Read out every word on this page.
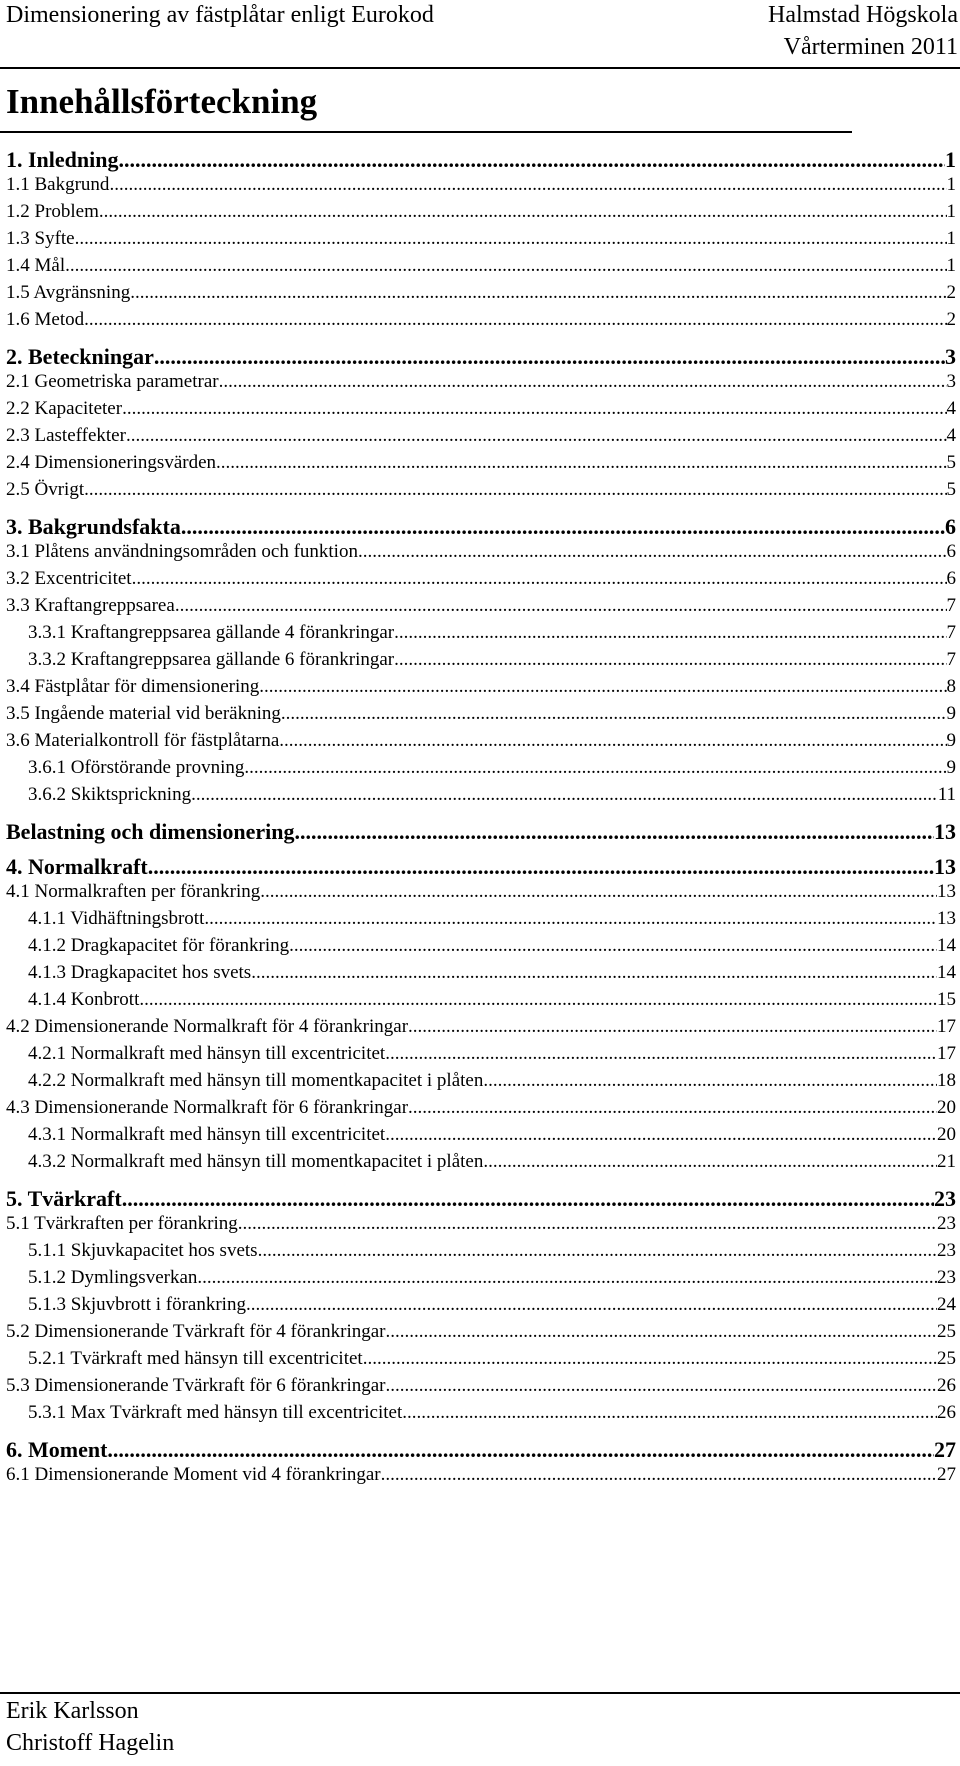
Dimensionering av fästplåtar enligt Eurokod	Halmstad Högskola
Vårterminen 2011
Innehållsförteckning
1. Inledning .....	1
1.1 Bakgrund .....	1
1.2 Problem .....	1
1.3 Syfte .....	1
1.4 Mål .....	1
1.5 Avgränsning .....	2
1.6 Metod .....	2
2. Beteckningar .....	3
2.1 Geometriska parametrar .....	3
2.2 Kapaciteter .....	4
2.3 Lasteffekter .....	4
2.4 Dimensioneringsvärden .....	5
2.5 Övrigt .....	5
3. Bakgrundsfakta .....	6
3.1 Plåtens användningsområden och funktion .....	6
3.2 Excentricitet .....	6
3.3 Kraftangreppsarea .....	7
3.3.1 Kraftangreppsarea gällande 4 förankringar .....	7
3.3.2 Kraftangreppsarea gällande 6 förankringar .....	7
3.4 Fästplåtar för dimensionering .....	8
3.5 Ingående material vid beräkning .....	9
3.6 Materialkontroll för fästplåtarna .....	9
3.6.1 Oförstörande provning .....	9
3.6.2 Skiktsprickning .....	11
Belastning och dimensionering .....	13
4. Normalkraft .....	13
4.1 Normalkraften per förankring .....	13
4.1.1 Vidhäftningsbrott .....	13
4.1.2 Dragkapacitet för förankring .....	14
4.1.3 Dragkapacitet hos svets .....	14
4.1.4 Konbrott .....	15
4.2 Dimensionerande Normalkraft för 4 förankringar .....	17
4.2.1 Normalkraft med hänsyn till excentricitet .....	17
4.2.2 Normalkraft med hänsyn till momentkapacitet i plåten .....	18
4.3 Dimensionerande Normalkraft för 6 förankringar .....	20
4.3.1 Normalkraft med hänsyn till excentricitet .....	20
4.3.2 Normalkraft med hänsyn till momentkapacitet i plåten .....	21
5. Tvärkraft .....	23
5.1 Tvärkraften per förankring .....	23
5.1.1 Skjuvkapacitet hos svets .....	23
5.1.2 Dymlingsverkan .....	23
5.1.3 Skjuvbrott i förankring .....	24
5.2 Dimensionerande Tvärkraft för 4 förankringar .....	25
5.2.1 Tvärkraft med hänsyn till excentricitet .....	25
5.3 Dimensionerande Tvärkraft för 6 förankringar .....	26
5.3.1 Max Tvärkraft med hänsyn till excentricitet .....	26
6. Moment .....	27
6.1 Dimensionerande Moment vid 4 förankringar .....	27
Erik Karlsson
Christoff Hagelin
